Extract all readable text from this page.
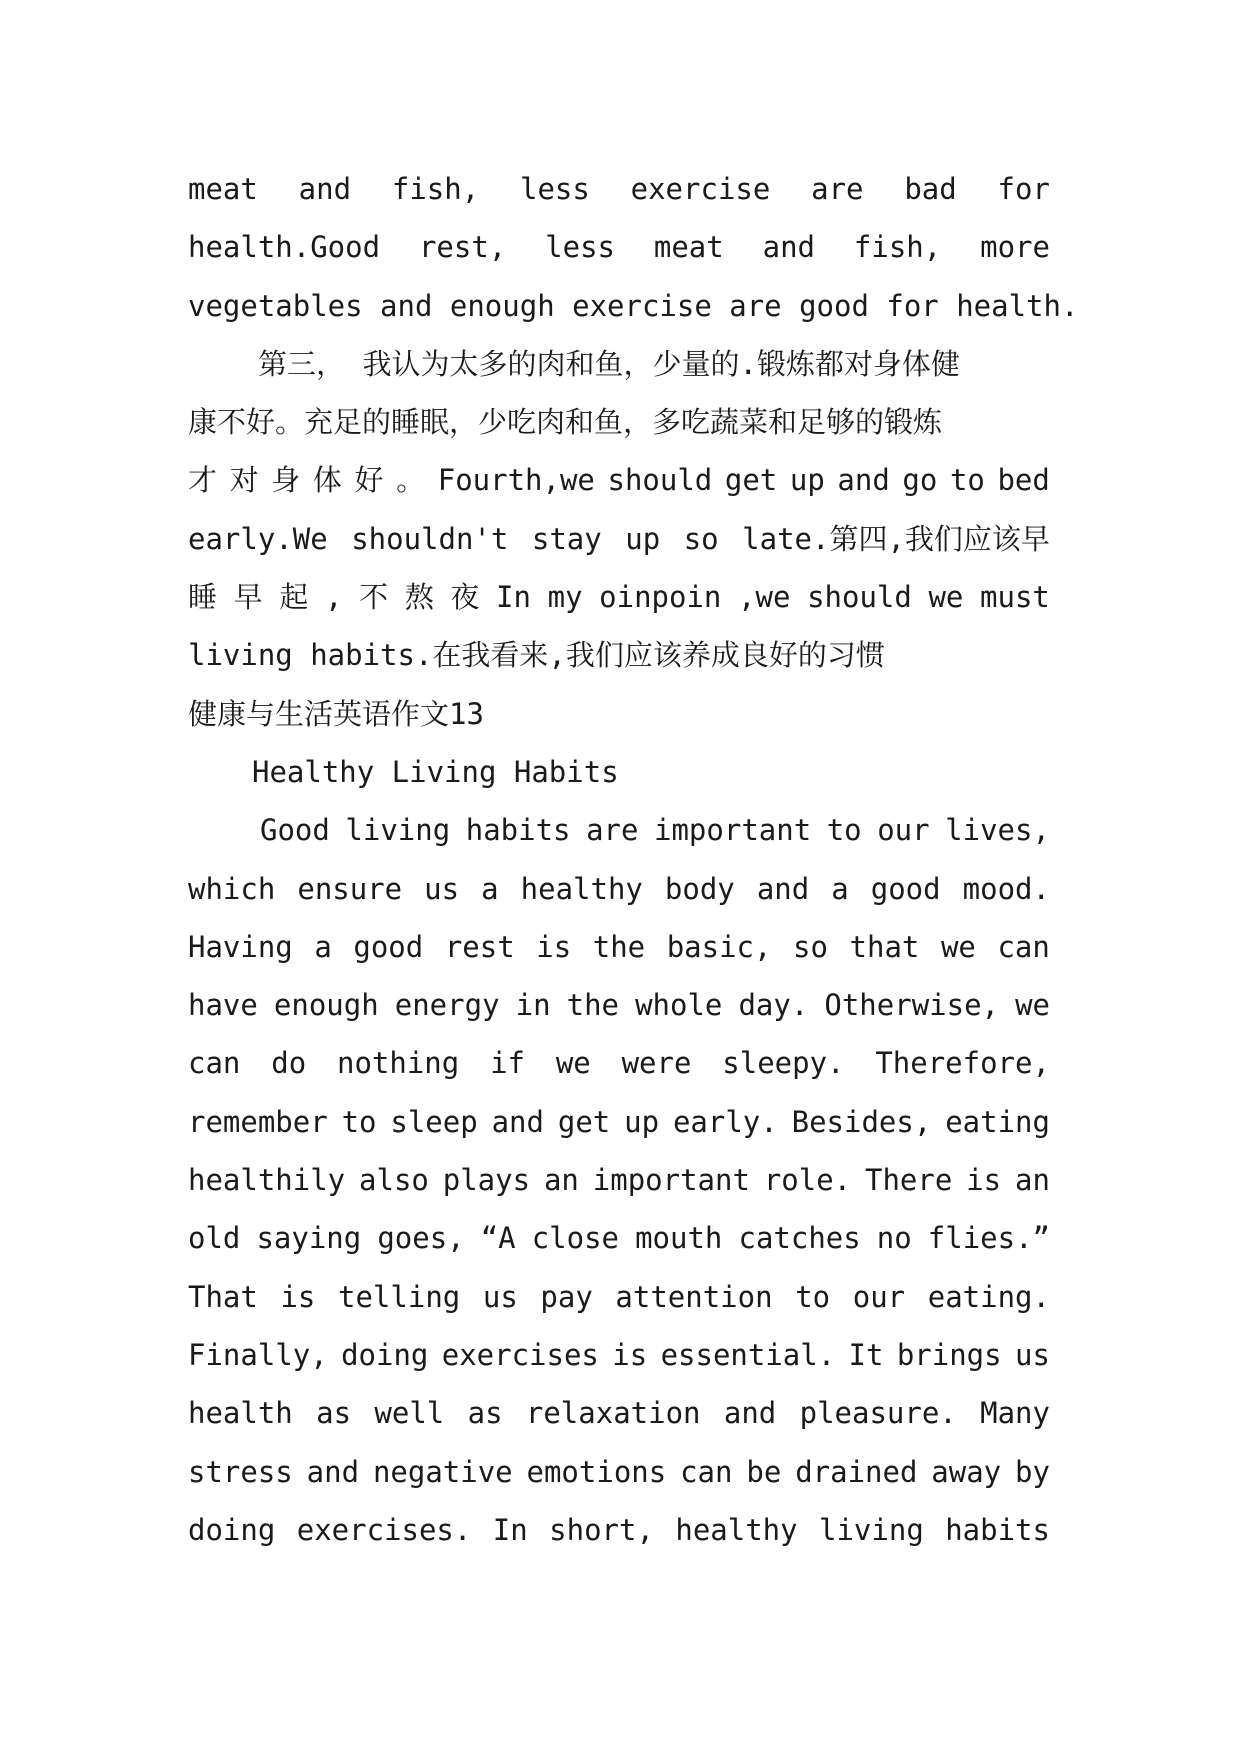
meat and fish, less exercise are bad for
health.Good rest, less meat and fish, more
vegetables and enough exercise are good for health.
第三， 我认为太多的肉和鱼，少量的.锻炼都对身体健
康不好。充足的睡眠，少吃肉和鱼，多吃蔬菜和足够的锻炼
才 对 身 体 好 。 Fourth,we should get up and go to bed
early.We shouldn't stay up so late.第四,我们应该早
睡 早 起 , 不 熬 夜 In my oinpoin ,we should we must
living habits.在我看来,我们应该养成良好的习惯
健康与生活英语作文13
Healthy Living Habits
Good living habits are important to our lives,
which ensure us a healthy body and a good mood.
Having a good rest is the basic, so that we can
have enough energy in the whole day. Otherwise, we
can do nothing if we were sleepy. Therefore,
remember to sleep and get up early. Besides, eating
healthily also plays an important role. There is an
old saying goes, “A close mouth catches no flies.”
That is telling us pay attention to our eating.
Finally, doing exercises is essential. It brings us
health as well as relaxation and pleasure. Many
stress and negative emotions can be drained away by
doing exercises. In short, healthy living habits
